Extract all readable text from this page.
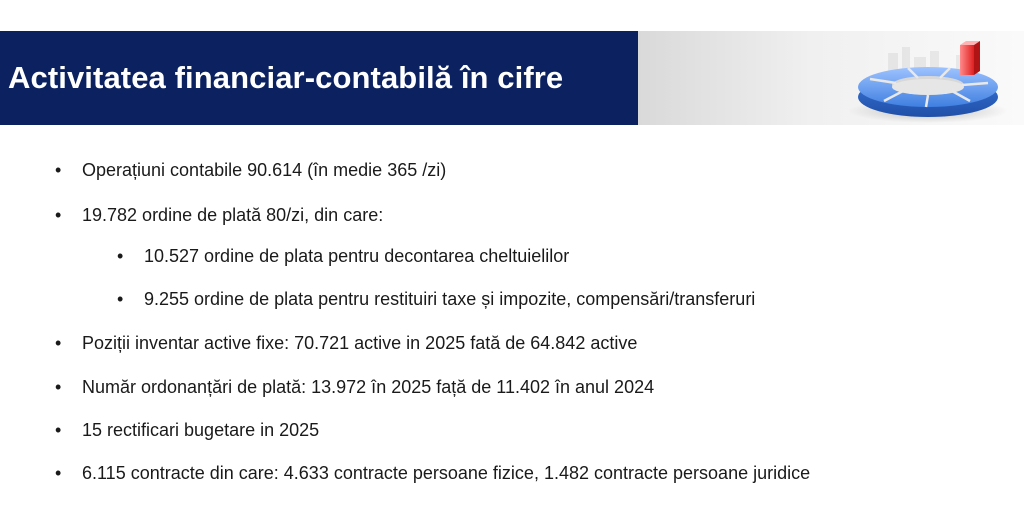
Activitatea financiar-contabilă în cifre
• Operațiuni contabile 90.614 (în medie 365 /zi)
• 19.782 ordine de plată 80/zi, din care:
• 10.527 ordine de plata pentru decontarea cheltuielilor
• 9.255 ordine de plata pentru restituiri taxe și impozite, compensări/transferuri
• Poziții inventar active fixe: 70.721 active in 2025 fată de 64.842 active
• Număr ordonanțări de plată: 13.972 în 2025 față de 11.402 în anul 2024
• 15 rectificari bugetare in 2025
• 6.115 contracte din care: 4.633 contracte persoane fizice, 1.482 contracte persoane juridice
